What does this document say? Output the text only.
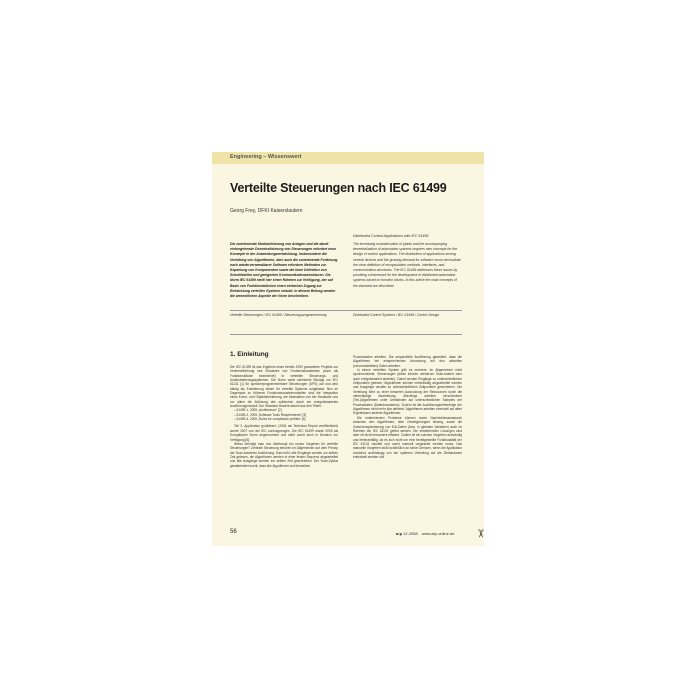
Engineering – Wissenswert
Verteilte Steuerungen nach IEC 61499
Georg Frey, DFKI Kaiserslautern
Distributed Control Applications with IEC 61499
Die zunehmende Modularisierung von Anlagen und die damit einhergehende Dezentralisierung von Steuerungen erfordert neue Konzepte in der Anwendungsentwicklung. Insbesondere die Verteilung von Algorithmen, aber auch die zunehmende Forderung nach wiederverwendbarer Software erfordern Methoden zur Kapselung von Komponenten sowie die klare Definition von Schnittstellen und geeigneten Kommunikationsstrukturen. Die Norm IEC 61499 stellt hier einen Rahmen zur Verfügung, der auf Basis von Funktionsblöcken einen einfachen Zugang zur Entwicklung verteilter Systeme erlaubt. In diesem Beitrag werden die wesentlichen Aspekte der Norm beschrieben.
The increasing modularisation of plants and the accompanying decentralisation of automation systems requires new concepts for the design of control applications. The distribution of applications among several devices and the growing demand for software reuse necessitate the clear definition of encapsulation methods, interfaces, and communication structures. The IEC 61499 addresses these issues by providing a framework for the development of distributed automation systems based on function blocks. In this article the main concepts of the standard are described.
Verteilte Steuerungen / IEC 61499 / Steuerungsprogrammierung	Distributed Control Systems / IEC 61499 / Control Design
1. Einleitung
Die IEC 61499 ist das Ergebnis eines bereits 1990 gestarteten Projekts zur Vereinheitlichung des Einsatzes von Funktionsbausteinen (auch als Funktionsblöcke bezeichnet) in verteilten Steuerungs- und Automatisierungssystemen. Die Norm weist zahlreiche Bezüge zur IEC 61131 [1] für speicherprogrammierbare Steuerungen (SPS) auf und wird häufig als Erweiterung dieser für verteilte Systeme aufgefasst. Neu im Gegensatz zu früheren Funktionsbausteinmodellen sind die Integration eines Event- und Objektorientierung, die Abstraktion von der Hardware und vor allem die Ablösung des zyklischen durch ein ereignisbasiertes Ausführungsmodell. Der Standard besteht aktuell aus drei Teilen:
● 61499-1, 2005 „Architecture“ [2]
● 61499-2, 2005 „Software Tools Requirements“ [3]
● 61499-4, 2005 „Rules for compliance profiles“ [4]
Teil 3 „Application guidelines“ (2004 als Technical Report veröffentlicht) wurde 2007 von der IEC zurückgezogen. Die IEC 61499 wurde 2005 als Europäische Norm angenommen und steht somit auch in Deutsch zur Verfügung [5].
Wieso benötigt man nun überhaupt ein neues Vorgehen für verteilte Steuerungen? Zentrale Steuerung beruhen im Allgemeinen auf dem Prinzip der Scan-basierten Ausführung. Das heißt, alle Eingänge werden zur selben Zeit gelesen, die Algorithmen werden in einer festen Sequenz abgearbeitet und alle Ausgänge werden zur selben Zeit geschrieben. Der Scan-Zyklus gewährleistet somit, dass alle Algorithmen auf denselben
Prozessdaten arbeiten. Die sequentielle Ausführung garantiert, dass die Algorithmen bei entsprechender Anordnung auf den aktuellen (vorverarbeiteten) Daten arbeiten.
In einem verteilten System gibt es mehrere, im Allgemeinen nicht synchronisierte, Steuerungen (diese können wiederum Scan-basiert oder auch ereignisbasiert arbeiten). Damit werden Eingänge zu unterschiedlichen Zeitpunkten gelesen, Algorithmen können nebenläufig abgearbeitet werden und Ausgänge werden zu unterschiedlichen Zeitpunkten geschrieben. Die Verteilung führt zu einer besseren Ausnutzung der Ressourcen durch die nebenläufige Abarbeitung. Allerdings arbeiten verschiedene (Teil-)Algorithmen unter Umständen auf unterschiedlichen Samples der Prozessdaten (Datenkonsistenz). Zudem ist die Ausführungsreihenfolge der Algorithmen nicht mehr klar definiert. Algorithmen arbeiten eventuell auf alten Ergebnissen anderer Algorithmen.
Die entstehenden Probleme können durch Nachrichtenaustausch zwischen den Algorithmen, über Gesteigerungen hinweg, sowie die Zwischenspeicherung von E/A-Daten (bzw. in globalen Variablen) auch im Rahmen der IEC 61131 gelöst werden. Die entstehenden Lösungen sind aber oft nicht besonders effizient. Zudem ist ein solches Vorgehen aufwändig und fehleranfällig, da es sich nicht um eine bereitgestellte Funktionalität der IEC 61131 handelt und somit manuell umgesetzt werden muss. Das manuelle Vorgehen stößt schließlich an seine Grenzen, wenn die Applikation zunächst unabhängig von der späteren Verteilung auf die Zielhardware entwickelt werden soll.
56	atp 12.2008 www.atp-online.de ✂
